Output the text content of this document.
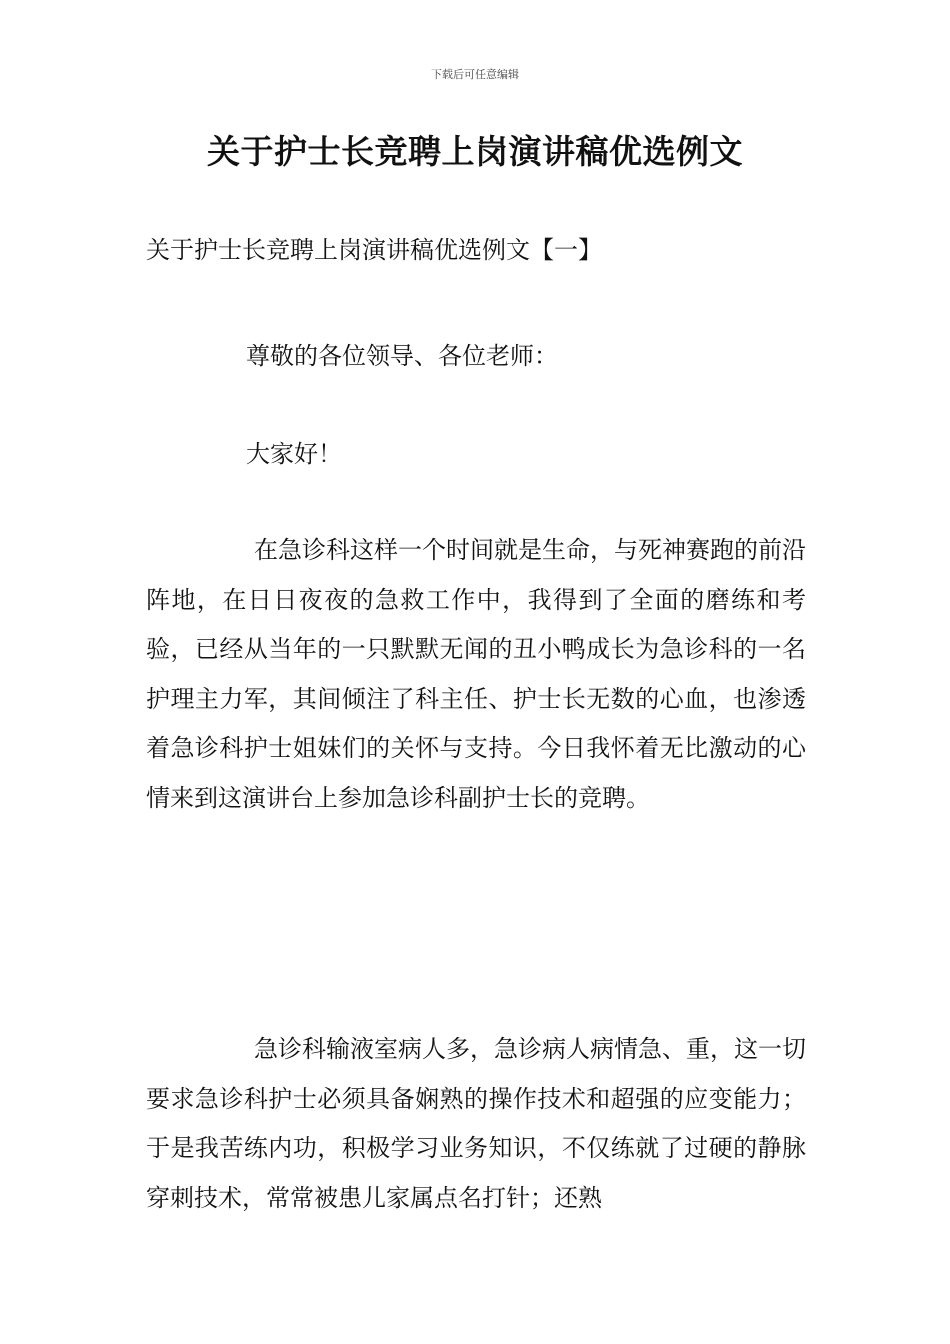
下载后可任意编辑
关于护士长竞聘上岗演讲稿优选例文

关于护士长竞聘上岗演讲稿优选例文【一】

尊敬的各位领导、各位老师：

大家好！

在急诊科这样一个时间就是生命，与死神赛跑的前沿阵地，在日日夜夜的急救工作中，我得到了全面的磨练和考验，已经从当年的一只默默无闻的丑小鸭成长为急诊科的一名护理主力军，其间倾注了科主任、护士长无数的心血，也渗透着急诊科护士姐妹们的关怀与支持。今日我怀着无比激动的心情来到这演讲台上参加急诊科副护士长的竞聘。

急诊科输液室病人多，急诊病人病情急、重，这一切要求急诊科护士必须具备娴熟的操作技术和超强的应变能力；于是我苦练内功，积极学习业务知识，不仅练就了过硬的静脉穿刺技术，常常被患儿家属点名打针；还熟
